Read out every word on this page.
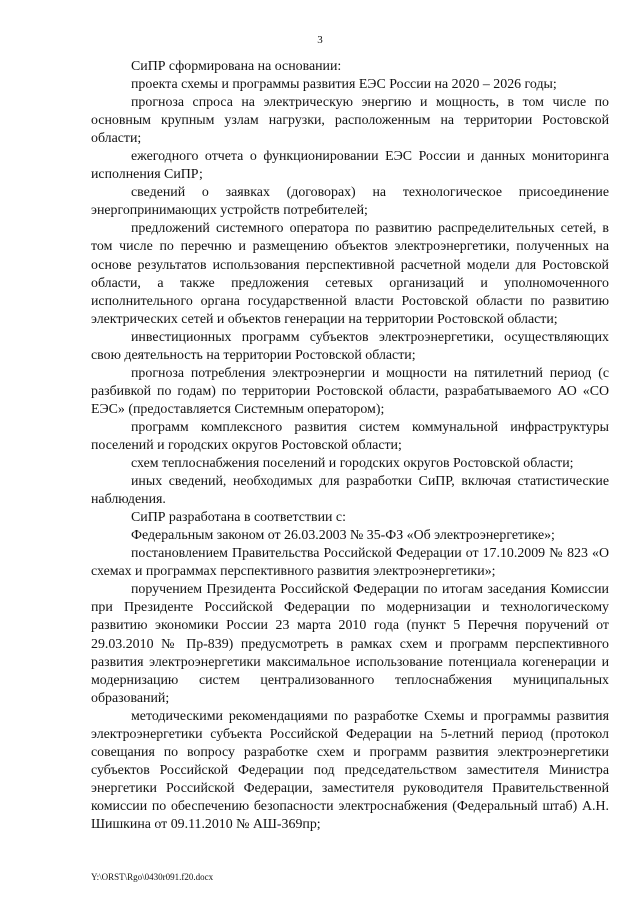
3

СиПР сформирована на основании:

проекта схемы и программы развития ЕЭС России на 2020 – 2026 годы;

прогноза спроса на электрическую энергию и мощность, в том числе по основным крупным узлам нагрузки, расположенным на территории Ростовской области;

ежегодного отчета о функционировании ЕЭС России и данных мониторинга исполнения СиПР;

сведений о заявках (договорах) на технологическое присоединение энергопринимающих устройств потребителей;

предложений системного оператора по развитию распределительных сетей, в том числе по перечню и размещению объектов электроэнергетики, полученных на основе результатов использования перспективной расчетной модели для Ростовской области, а также предложения сетевых организаций и уполномоченного исполнительного органа государственной власти Ростовской области по развитию электрических сетей и объектов генерации на территории Ростовской области;

инвестиционных программ субъектов электроэнергетики, осуществляющих свою деятельность на территории Ростовской области;

прогноза потребления электроэнергии и мощности на пятилетний период (с разбивкой по годам) по территории Ростовской области, разрабатываемого АО «СО ЕЭС» (предоставляется Системным оператором);

программ комплексного развития систем коммунальной инфраструктуры поселений и городских округов Ростовской области;

схем теплоснабжения поселений и городских округов Ростовской области;

иных сведений, необходимых для разработки СиПР, включая статистические наблюдения.

СиПР разработана в соответствии с:

Федеральным законом от 26.03.2003 № 35-ФЗ «Об электроэнергетике»;

постановлением Правительства Российской Федерации от 17.10.2009 № 823 «О схемах и программах перспективного развития электроэнергетики»;

поручением Президента Российской Федерации по итогам заседания Комиссии при Президенте Российской Федерации по модернизации и технологическому развитию экономики России 23 марта 2010 года (пункт 5 Перечня поручений от 29.03.2010 № Пр-839) предусмотреть в рамках схем и программ перспективного развития электроэнергетики максимальное использование потенциала когенерации и модернизацию систем централизованного теплоснабжения муниципальных образований;

методическими рекомендациями по разработке Схемы и программы развития электроэнергетики субъекта Российской Федерации на 5-летний период (протокол совещания по вопросу разработке схем и программ развития электроэнергетики субъектов Российской Федерации под председательством заместителя Министра энергетики Российской Федерации, заместителя руководителя Правительственной комиссии по обеспечению безопасности электроснабжения (Федеральный штаб) А.Н. Шишкина от 09.11.2010 № АШ-369пр;

Y:\ORST\Rgo\0430r091.f20.docx
